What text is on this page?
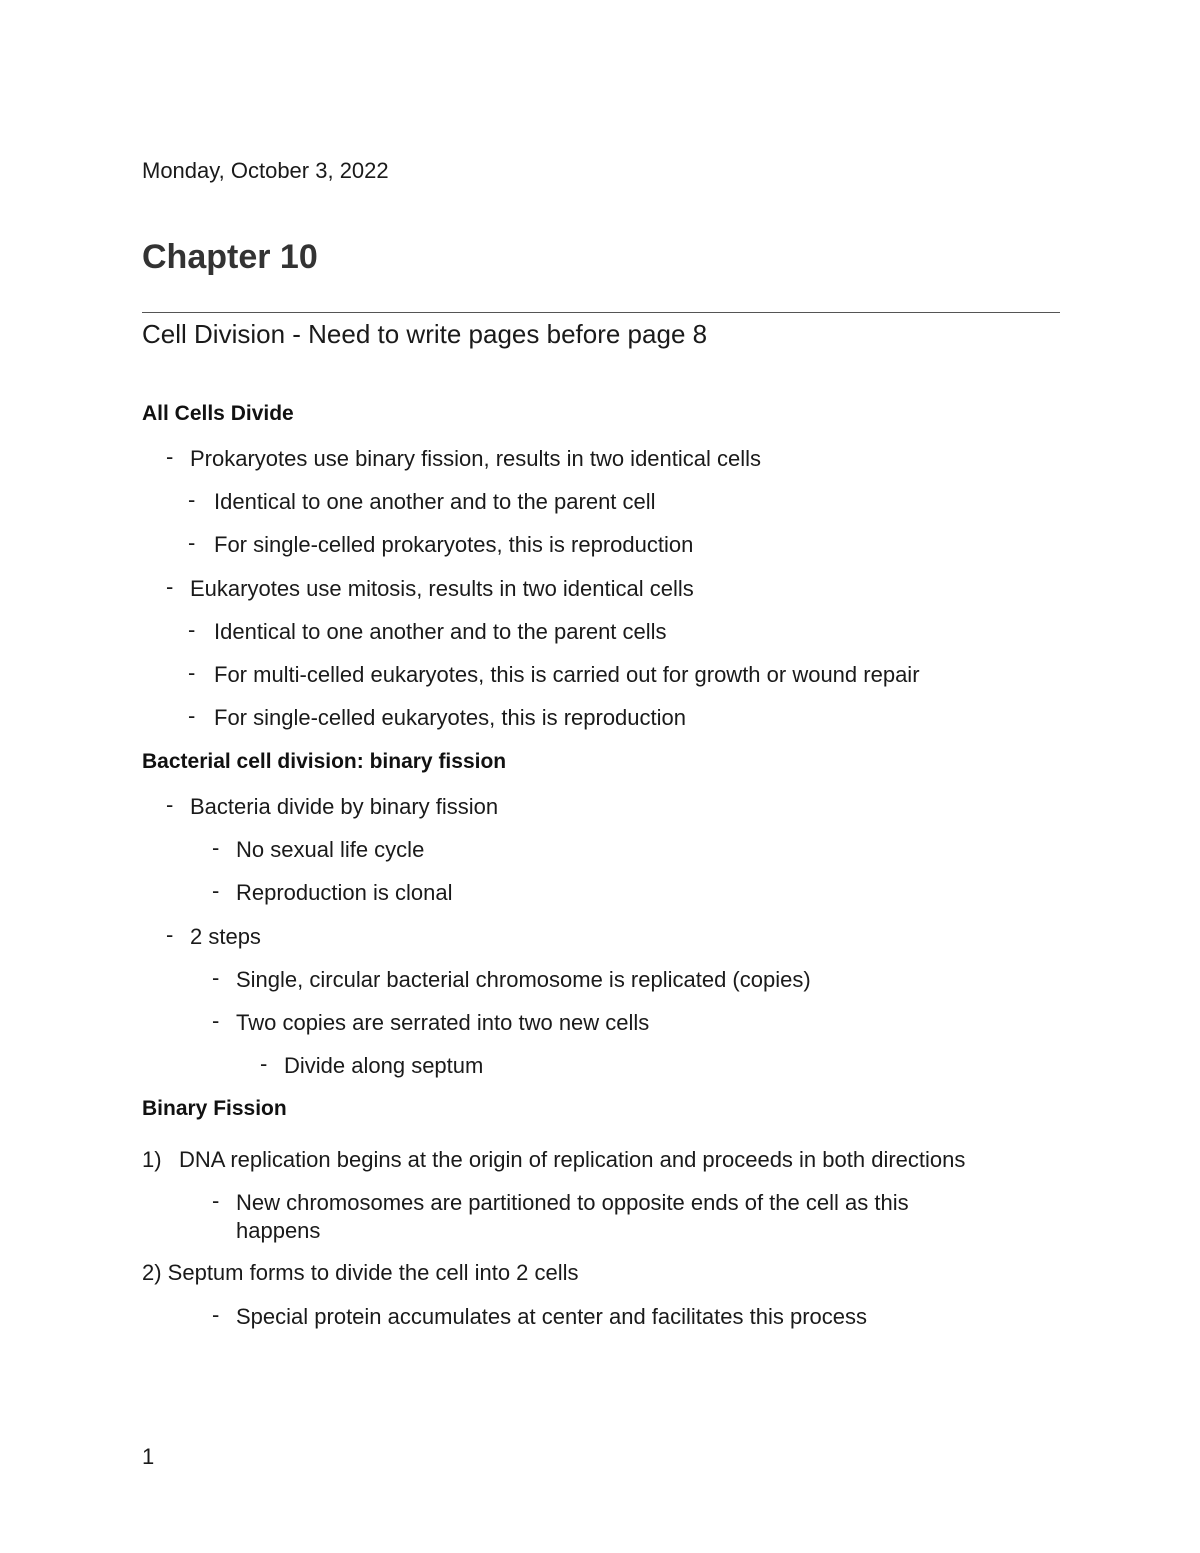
Monday, October 3, 2022
Chapter 10
Cell Division - Need to write pages before page 8
All Cells Divide
- Prokaryotes use binary fission, results in two identical cells
- Identical to one another and to the parent cell
- For single-celled prokaryotes, this is reproduction
- Eukaryotes use mitosis, results in two identical cells
- Identical to one another and to the parent cells
- For multi-celled eukaryotes, this is carried out for growth or wound repair
- For single-celled eukaryotes, this is reproduction
Bacterial cell division: binary fission
- Bacteria divide by binary fission
- No sexual life cycle
- Reproduction is clonal
- 2 steps
- Single, circular bacterial chromosome is replicated (copies)
- Two copies are serrated into two new cells
- Divide along septum
Binary Fission
1) DNA replication begins at the origin of replication and proceeds in both directions
- New chromosomes are partitioned to opposite ends of the cell as this
happens
2) Septum forms to divide the cell into 2 cells
- Special protein accumulates at center and facilitates this process
1
